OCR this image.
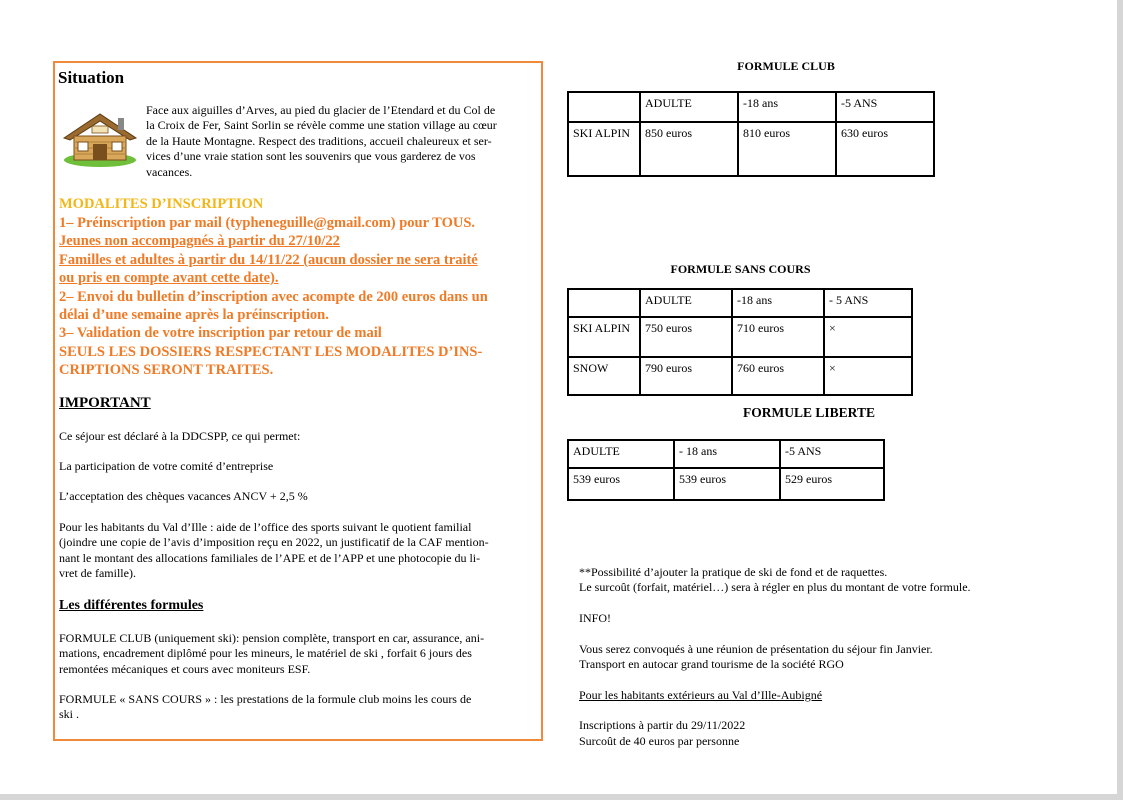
Situation
Face aux aiguilles d’Arves, au pied du glacier de l’Etendard et du Col de
la Croix de Fer, Saint Sorlin se révèle comme une station village au cœur
de la Haute Montagne. Respect des traditions, accueil chaleureux et ser-
vices d’une vraie station sont les souvenirs que vous garderez de vos
vacances.
MODALITES D’INSCRIPTION
1– Préinscription par mail (typheneguille@gmail.com) pour TOUS.
Jeunes non accompagnés à partir du 27/10/22
Familles et adultes à partir du 14/11/22 (aucun dossier ne sera traité
ou pris en compte avant cette date).
2– Envoi du bulletin d’inscription avec acompte de 200 euros dans un
délai d’une semaine après la préinscription.
3– Validation de votre inscription par retour de mail
SEULS LES DOSSIERS RESPECTANT LES MODALITES D’INS-
CRIPTIONS SERONT TRAITES.
IMPORTANT
Ce séjour est déclaré à la DDCSPP, ce qui permet:
La participation de votre comité d’entreprise
L’acceptation des chèques vacances ANCV + 2,5 %
Pour les habitants du Val d’Ille : aide de l’office des sports suivant le quotient familial
(joindre une copie de l’avis d’imposition reçu en 2022, un justificatif de la CAF mention-
nant le montant des allocations familiales de l’APE et de l’APP et une photocopie du li-
vret de famille).
Les différentes formules
FORMULE CLUB (uniquement ski): pension complète, transport en car, assurance, ani-
mations, encadrement diplômé pour les mineurs, le matériel de ski , forfait 6 jours des
remontées mécaniques et cours avec moniteurs ESF.
FORMULE « SANS COURS » : les prestations de la formule club moins les cours de
ski .
FORMULE CLUB
	ADULTE	-18 ans	-5 ANS
SKI ALPIN	850 euros	810 euros	630 euros
FORMULE SANS COURS
	ADULTE	-18 ans	- 5 ANS
SKI ALPIN	750 euros	710 euros	×
SNOW	790 euros	760 euros	×
FORMULE LIBERTE
ADULTE	- 18 ans	-5 ANS
539 euros	539 euros	529 euros
**Possibilité d’ajouter la pratique de ski de fond et de raquettes.
Le surcoût (forfait, matériel…) sera à régler en plus du montant de votre formule.
INFO!
Vous serez convoqués à une réunion de présentation du séjour fin Janvier.
Transport en autocar grand tourisme de la société RGO
Pour les habitants extérieurs au Val d’Ille-Aubigné
Inscriptions à partir du 29/11/2022
Surcoût de 40 euros par personne
